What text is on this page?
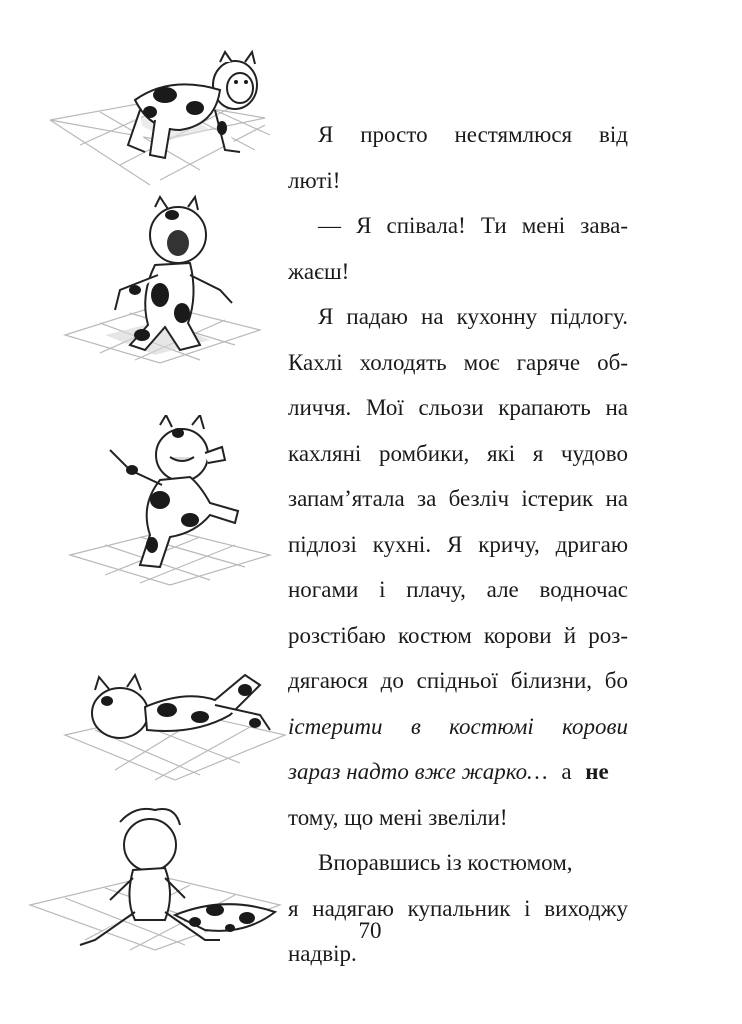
Я просто нестямлюся від
люті!
— Я співала! Ти мені зава-
жаєш!
Я падаю на кухонну підлогу.
Кахлі холодять моє гаряче об-
личчя. Мої сльози крапають на
кахляні ромбики, які я чудово
запам’ятала за безліч істерик на
підлозі кухні. Я кричу, дригаю
ногами і плачу, але водночас
розстібаю костюм корови й роз-
дягаюся до спідньої білизни, бо
істерити в костюмі корови
зараз надто вже жарко… а не
тому, що мені звеліли!
Впоравшись із костюмом,
я надягаю купальник і виходжу
надвір.
70
